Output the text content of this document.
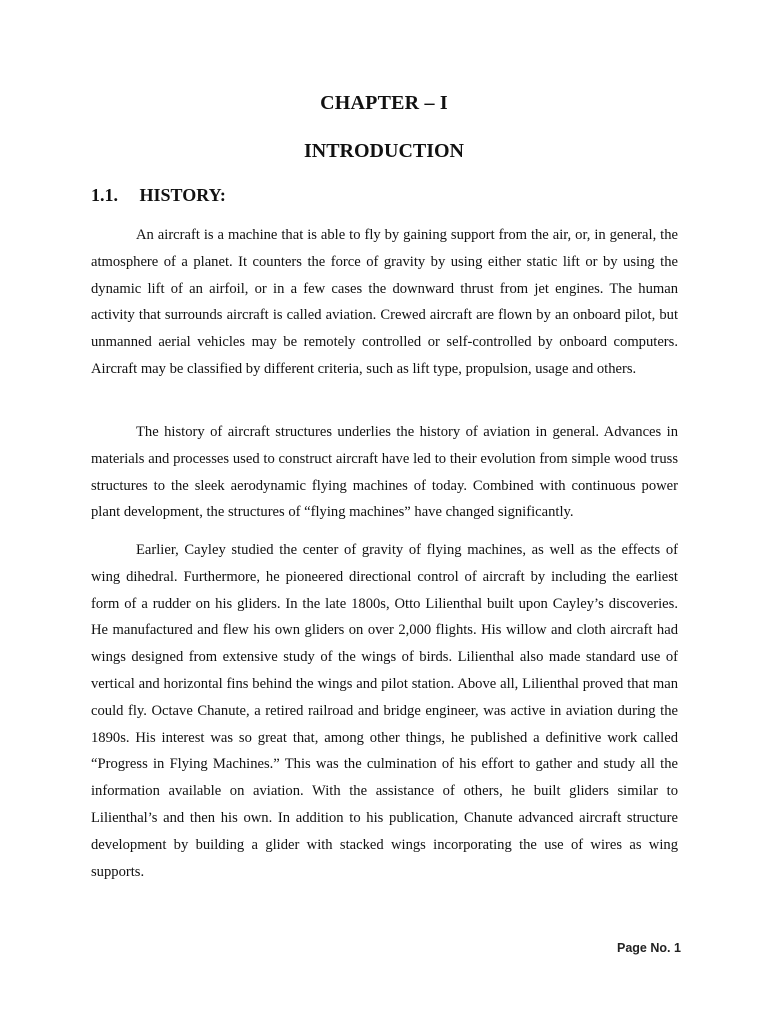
CHAPTER – I
INTRODUCTION
1.1. HISTORY:

An aircraft is a machine that is able to fly by gaining support from the air, or, in general, the atmosphere of a planet. It counters the force of gravity by using either static lift or by using the dynamic lift of an airfoil, or in a few cases the downward thrust from jet engines. The human activity that surrounds aircraft is called aviation. Crewed aircraft are flown by an onboard pilot, but unmanned aerial vehicles may be remotely controlled or self-controlled by onboard computers. Aircraft may be classified by different criteria, such as lift type, propulsion, usage and others.

The history of aircraft structures underlies the history of aviation in general. Advances in materials and processes used to construct aircraft have led to their evolution from simple wood truss structures to the sleek aerodynamic flying machines of today. Combined with continuous power plant development, the structures of “flying machines” have changed significantly.

Earlier, Cayley studied the center of gravity of flying machines, as well as the effects of wing dihedral. Furthermore, he pioneered directional control of aircraft by including the earliest form of a rudder on his gliders. In the late 1800s, Otto Lilienthal built upon Cayley’s discoveries. He manufactured and flew his own gliders on over 2,000 flights. His willow and cloth aircraft had wings designed from extensive study of the wings of birds. Lilienthal also made standard use of vertical and horizontal fins behind the wings and pilot station. Above all, Lilienthal proved that man could fly. Octave Chanute, a retired railroad and bridge engineer, was active in aviation during the 1890s. His interest was so great that, among other things, he published a definitive work called “Progress in Flying Machines.” This was the culmination of his effort to gather and study all the information available on aviation. With the assistance of others, he built gliders similar to Lilienthal’s and then his own. In addition to his publication, Chanute advanced aircraft structure development by building a glider with stacked wings incorporating the use of wires as wing supports.

Page No. 1
